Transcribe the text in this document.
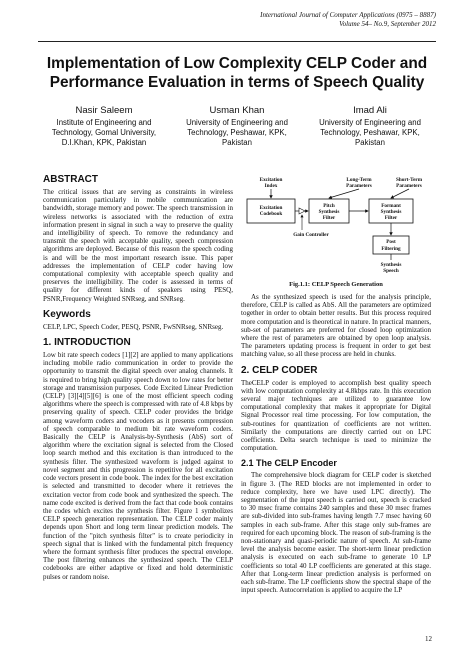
International Journal of Computer Applications (0975 – 8887)
Volume 54– No.9, September 2012
Implementation of Low Complexity CELP Coder and
Performance Evaluation in terms of Speech Quality
Nasir Saleem
Institute of Engineering and
Technology, Gomal University,
D.I.Khan, KPK, Pakistan
Usman Khan
University of Engineering and
Technology, Peshawar, KPK,
Pakistan
Imad Ali
University of Engineering and
Technology, Peshawar, KPK,
Pakistan
ABSTRACT

The critical issues that are serving as constraints in wireless communication particularly in mobile communication are bandwidth, storage memory and power. The speech transmission in wireless networks is associated with the reduction of extra information present in signal in such a way to preserve the quality and intelligibility of speech. To remove the redundancy and transmit the speech with acceptable quality, speech compression algorithms are deployed. Because of this reason the speech coding is and will be the most important research issue. This paper addresses the implementation of CELP coder having low computational complexity with acceptable speech quality and preserves the intelligibility. The coder is assessed in terms of quality for different kinds of speakers using PESQ, PSNR,Frequency Weighted SNRseg, and SNRseg.

Keywords

CELP, LPC, Speech Coder, PESQ, PSNR, FwSNRseg, SNRseg.

1. INTRODUCTION

Low bit rate speech codecs [1][2] are applied to many applications including mobile radio communication in order to provide the opportunity to transmit the digital speech over analog channels. It is required to bring high quality speech down to low rates for better storage and transmission purposes. Code Excited Linear Prediction (CELP) [3][4][5][6] is one of the most efficient speech coding algorithms where the speech is compressed with rate of 4.8 kbps by preserving quality of speech. CELP coder provides the bridge among waveform coders and vocoders as it presents compression of speech comparable to medium bit rate waveform coders. Basically the CELP is Analysis-by-Synthesis (AbS) sort of algorithm where the excitation signal is selected from the Closed loop search method and this excitation is than introduced to the synthesis filter. The synthesized waveform is judged against to novel segment and this progression is repetitive for all excitation code vectors present in code book. The index for the best excitation is selected and transmitted to decoder where it retrieves the excitation vector from code book and synthesized the speech. The name code excited is derived from the fact that code book contains the codes which excites the synthesis filter. Figure 1 symbolizes CELP speech generation representation. The CELP coder mainly depends upon Short and long term linear prediction models. The function of the "pitch synthesis filter" is to create periodicity in speech signal that is linked with the fundamental pitch frequency where the formant synthesis filter produces the spectral envelope. The post filtering enhances the synthesized speech. The CELP codebooks are either adaptive or fixed and hold deterministic pulses or random noise.

Excitation
Index
Long-Term
Parameters
Short-Term
Parameters
Excitation
Codebook
Pitch
Synthesis
Filter
Formant
Synthesis
Filter
Gain Controller
Post
Filtering
Synthesis
Speech
Fig.1.1: CELP Speech Generation

As the synthesized speech is used for the analysis principle, therefore, CELP is called as AbS. All the parameters are optimized together in order to obtain better results. But this process required more computation and is theoretical in nature. In practical manners, sub-set of parameters are preferred for closed loop optimization where the rest of parameters are obtained by open loop analysis. The parameters updating process is frequent in order to get best matching value, so all these process are held in chunks.

2. CELP CODER

TheCELP coder is employed to accomplish best quality speech with low computation complexity at 4.8kbps rate. In this execution several major techniques are utilized to guarantee low computational complexity that makes it appropriate for Digital Signal Processor real time processing. For low computation, the sub-routines for quantization of coefficients are not written. Similarly the computations are directly carried out on LPC coefficients. Delta search technique is used to minimize the computation.

2.1 The CELP Encoder

The comprehensive block diagram for CELP coder is sketched in figure 3. (The RED blocks are not implemented in order to reduce complexity, here we have used LPC directly). The segmentation of the input speech is carried out, speech is cracked to 30 msec frame contains 240 samples and these 30 msec frames are sub-divided into sub-frames having length 7.7 msec having 60 samples in each sub-frame. After this stage only sub-frames are required for each upcoming block. The reason of sub-framing is the non-stationary and quasi-periodic nature of speech. At sub-frame level the analysis become easier. The short-term linear prediction analysis is executed on each sub-frame to generate 10 LP coefficients so total 40 LP coefficients are generated at this stage. After that Long-term linear prediction analysis is performed on each sub-frame. The LP coefficients show the spectral shape of the input speech. Autocorrelation is applied to acquire the LP

12
